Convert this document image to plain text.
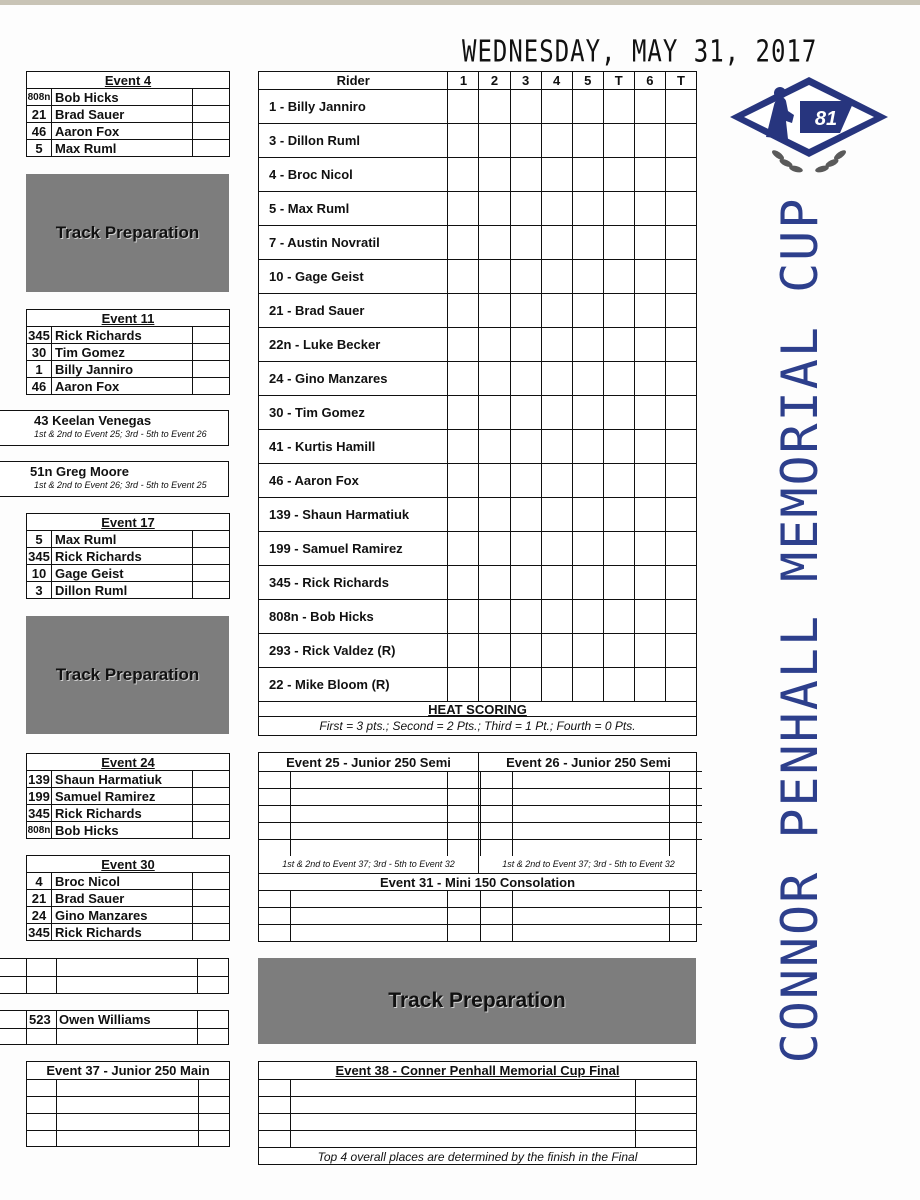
WEDNESDAY, MAY 31, 2017
Event 4		
808n	Bob Hicks	
21	Brad Sauer	
46	Aaron Fox	
5	Max Ruml	
Track Preparation
Event 11		
345	Rick Richards	
30	Tim Gomez	
1	Billy Janniro	
46	Aaron Fox	
43 Keelan Venegas
1st & 2nd to Event 25; 3rd - 5th to Event 26
51n Greg Moore
1st & 2nd to Event 26; 3rd - 5th to Event 25
Event 17		
5	Max Ruml	
345	Rick Richards	
10	Gage Geist	
3	Dillon Ruml	
Track Preparation
Event 24		
139	Shaun Harmatiuk	
199	Samuel Ramirez	
345	Rick Richards	
808n	Bob Hicks	
Event 30		
4	Broc Nicol	
21	Brad Sauer	
24	Gino Manzares	
345	Rick Richards	
523 Owen Williams
Event 37 - Junior 250 Main

Rider	1	2	3	4	5	T	6	T
1 - Billy Janniro								
3 - Dillon Ruml								
4 - Broc Nicol								
5 - Max Ruml								
7 - Austin Novratil								
10 - Gage Geist								
21 - Brad Sauer								
22n - Luke Becker								
24 - Gino Manzares								
30 - Tim Gomez								
41 - Kurtis Hamill								
46 - Aaron Fox								
139 - Shaun Harmatiuk								
199 - Samuel Ramirez								
345 - Rick Richards								
808n - Bob Hicks								
293 - Rick Valdez (R)								
22 - Mike Bloom (R)								
HEAT SCORING
First = 3 pts.; Second = 2 Pts.; Third = 1 Pt.; Fourth = 0 Pts.
Event 25 - Junior 250 Semi	Event 26 - Junior 250 Semi

1st & 2nd to Event 37; 3rd - 5th to Event 32	1st & 2nd to Event 37; 3rd - 5th to Event 32
Event 31 - Mini 150 Consolation

Track Preparation
Event 38 - Conner Penhall Memorial Cup Final

Top 4 overall places are determined by the finish in the Final
81
CONNOR PENHALL MEMORIAL CUP
